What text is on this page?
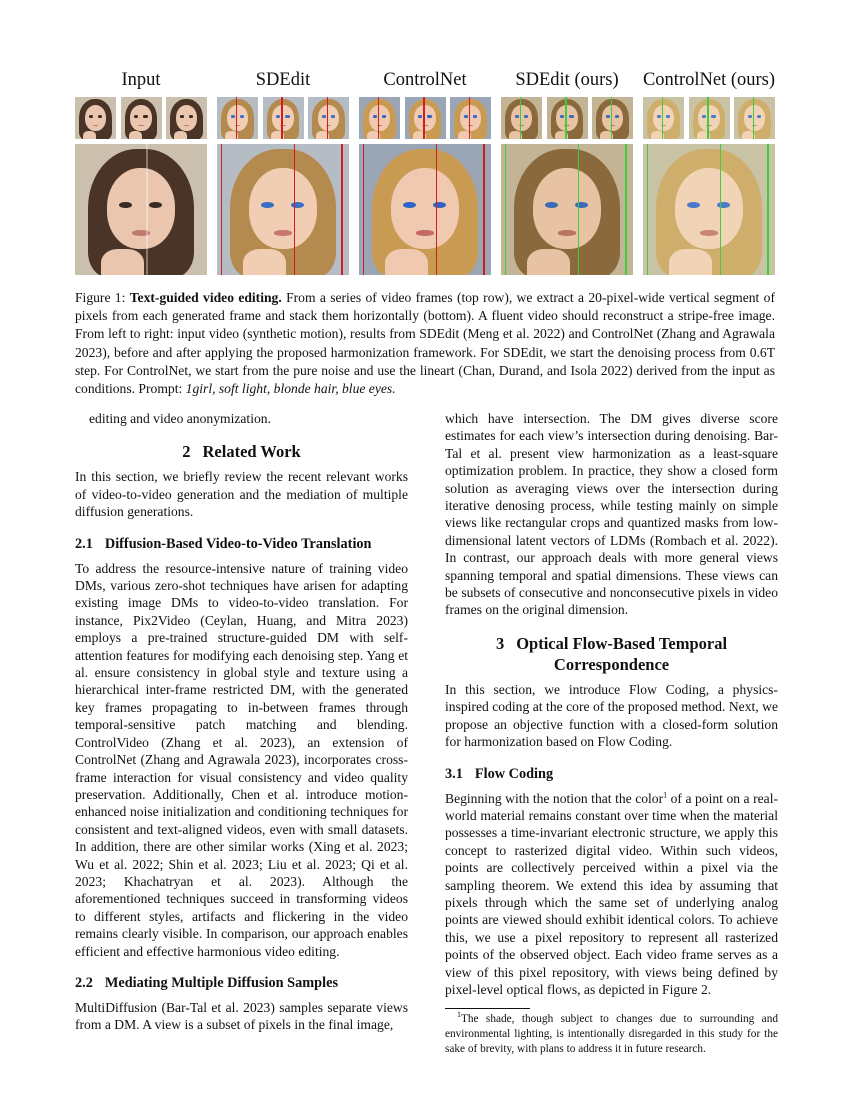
Input	SDEdit	ControlNet	SDEdit (ours)	ControlNet (ours)
Figure 1: Text-guided video editing. From a series of video frames (top row), we extract a 20-pixel-wide vertical segment of pixels from each generated frame and stack them horizontally (bottom). A fluent video should reconstruct a stripe-free image. From left to right: input video (synthetic motion), results from SDEdit (Meng et al. 2022) and ControlNet (Zhang and Agrawala 2023), before and after applying the proposed harmonization framework. For SDEdit, we start the denoising process from 0.6T step. For ControlNet, we start from the pure noise and use the lineart (Chan, Durand, and Isola 2022) derived from the input as conditions. Prompt: 1girl, soft light, blonde hair, blue eyes.

editing and video anonymization.

2 Related Work

In this section, we briefly review the recent relevant works of video-to-video generation and the mediation of multiple diffusion generations.

2.1 Diffusion-Based Video-to-Video Translation

To address the resource-intensive nature of training video DMs, various zero-shot techniques have arisen for adapting existing image DMs to video-to-video translation. For instance, Pix2Video (Ceylan, Huang, and Mitra 2023) employs a pre-trained structure-guided DM with self-attention features for modifying each denoising step. Yang et al. ensure consistency in global style and texture using a hierarchical inter-frame restricted DM, with the generated key frames propagating to in-between frames through temporal-sensitive patch matching and blending. ControlVideo (Zhang et al. 2023), an extension of ControlNet (Zhang and Agrawala 2023), incorporates cross-frame interaction for visual consistency and video quality preservation. Additionally, Chen et al. introduce motion-enhanced noise initialization and conditioning techniques for consistent and text-aligned videos, even with small datasets. In addition, there are other similar works (Xing et al. 2023; Wu et al. 2022; Shin et al. 2023; Liu et al. 2023; Qi et al. 2023; Khachatryan et al. 2023). Although the aforementioned techniques succeed in transforming videos to different styles, artifacts and flickering in the video remains clearly visible. In comparison, our approach enables efficient and effective harmonious video editing.

2.2 Mediating Multiple Diffusion Samples

MultiDiffusion (Bar-Tal et al. 2023) samples separate views from a DM. A view is a subset of pixels in the final image,

which have intersection. The DM gives diverse score estimates for each view’s intersection during denoising. Bar-Tal et al. present view harmonization as a least-square optimization problem. In practice, they show a closed form solution as averaging views over the intersection during iterative denosing process, while testing mainly on simple views like rectangular crops and quantized masks from low-dimensional latent vectors of LDMs (Rombach et al. 2022). In contrast, our approach deals with more general views spanning temporal and spatial dimensions. These views can be subsets of consecutive and nonconsecutive pixels in video frames on the original dimension.

3 Optical Flow-Based Temporal
Correspondence

In this section, we introduce Flow Coding, a physics-inspired coding at the core of the proposed method. Next, we propose an objective function with a closed-form solution for harmonization based on Flow Coding.

3.1 Flow Coding

Beginning with the notion that the color$^1$ of a point on a real-world material remains constant over time when the material possesses a time-invariant electronic structure, we apply this concept to rasterized digital video. Within such videos, points are collectively perceived within a pixel via the sampling theorem. We extend this idea by assuming that pixels through which the same set of underlying analog points are viewed should exhibit identical colors. To achieve this, we use a pixel repository to represent all rasterized points of the observed object. Each video frame serves as a view of this pixel repository, with views being defined by pixel-level optical flows, as depicted in Figure 2.

$^1$The shade, though subject to changes due to surrounding and environmental lighting, is intentionally disregarded in this study for the sake of brevity, with plans to address it in future research.
